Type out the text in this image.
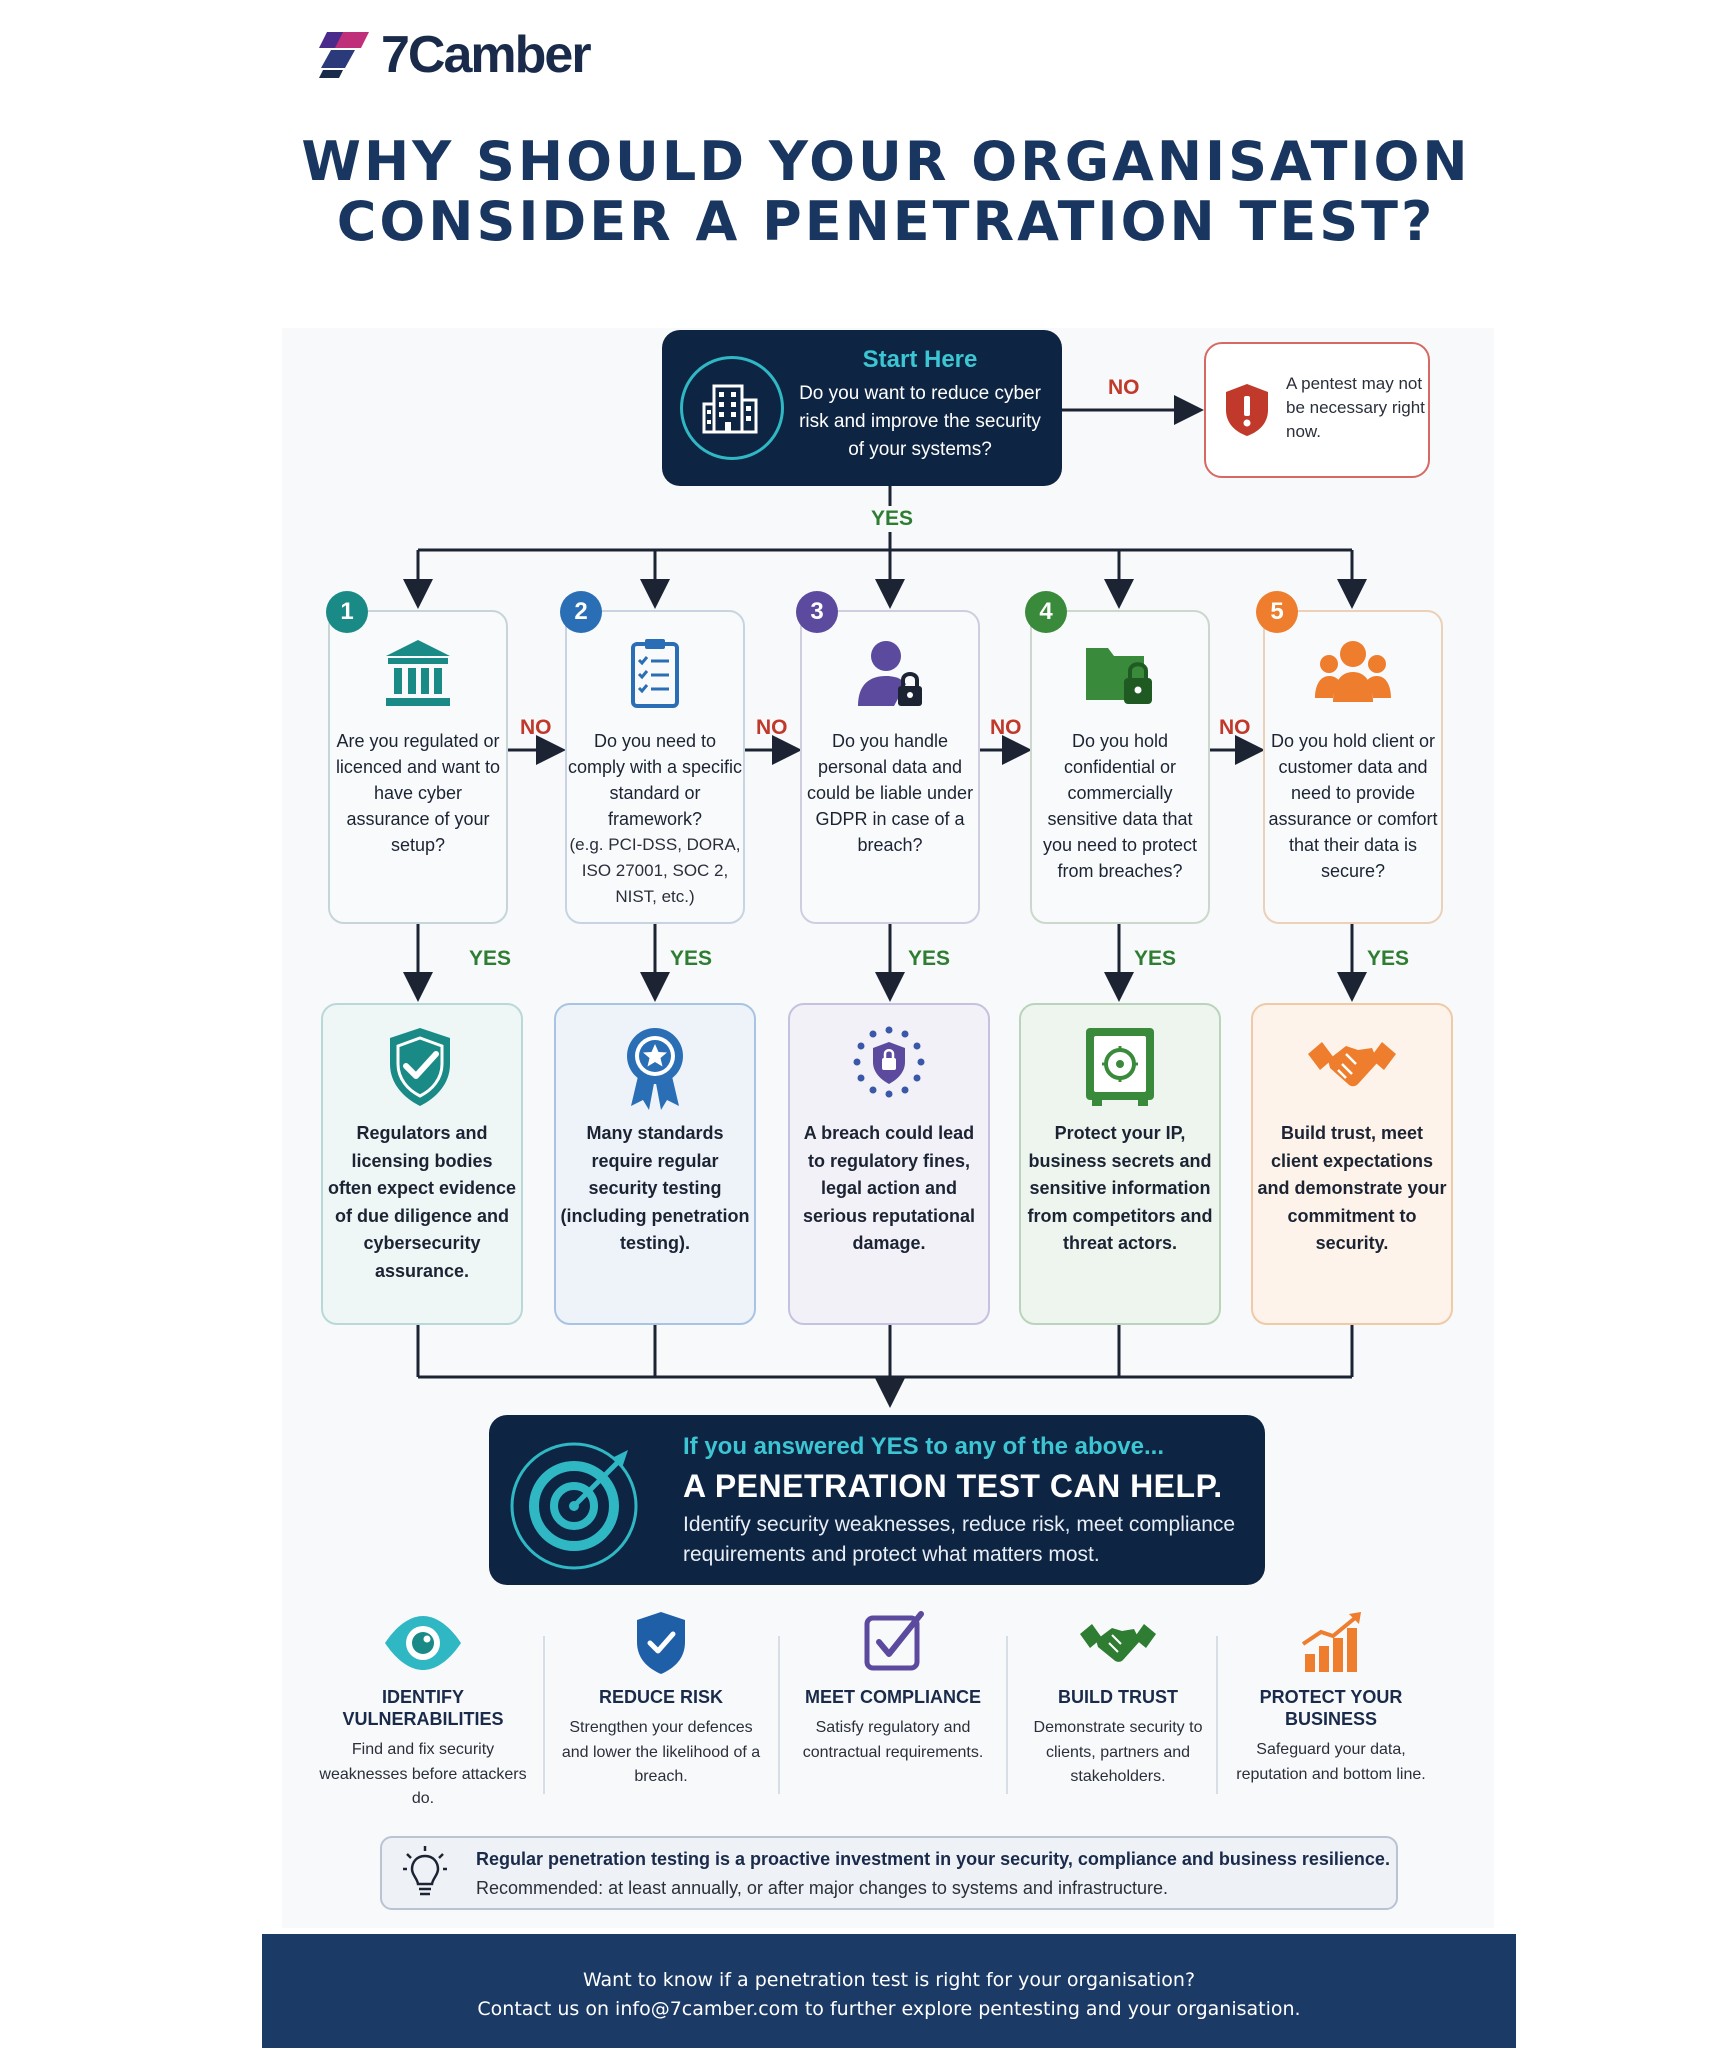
7Camber
WHY SHOULD YOUR ORGANISATION
CONSIDER A PENETRATION TEST?
Start Here
Do you want to reduce cyber risk and improve the security of your systems?
NO
YES
A pentest may not be necessary right now.
NO	NO	NO	NO
YES	YES	YES	YES	YES
1
Are you regulated or licenced and want to have cyber assurance of your setup?
2
Do you need to comply with a specific standard or framework?
(e.g. PCI-DSS, DORA, ISO 27001, SOC 2, NIST, etc.)
3
Do you handle personal data and could be liable under GDPR in case of a breach?
4
Do you hold confidential or commercially sensitive data that you need to protect from breaches?
5
Do you hold client or customer data and need to provide assurance or comfort that their data is secure?
Regulators and licensing bodies often expect evidence of due diligence and cybersecurity assurance.
Many standards require regular security testing (including penetration testing).
A breach could lead to regulatory fines, legal action and serious reputational damage.
Protect your IP, business secrets and sensitive information from competitors and threat actors.
Build trust, meet client expectations and demonstrate your commitment to security.
If you answered YES to any of the above...
A PENETRATION TEST CAN HELP.
Identify security weaknesses, reduce risk, meet compliance requirements and protect what matters most.
IDENTIFY VULNERABILITIES
Find and fix security weaknesses before attackers do.
REDUCE RISK
Strengthen your defences and lower the likelihood of a breach.
MEET COMPLIANCE
Satisfy regulatory and contractual requirements.
BUILD TRUST
Demonstrate security to clients, partners and stakeholders.
PROTECT YOUR BUSINESS
Safeguard your data, reputation and bottom line.
Regular penetration testing is a proactive investment in your security, compliance and business resilience.
Recommended: at least annually, or after major changes to systems and infrastructure.
Want to know if a penetration test is right for your organisation?
Contact us on info@7camber.com to further explore pentesting and your organisation.
